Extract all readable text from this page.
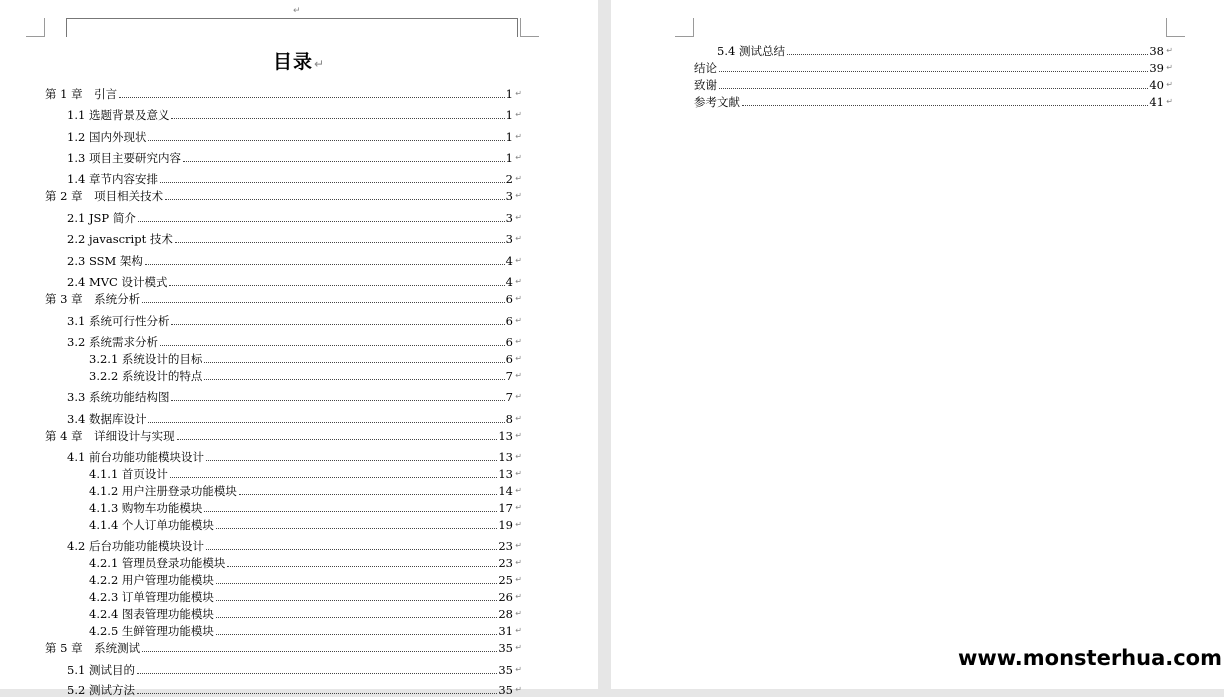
↵
目录↵
第 1 章　引言	1 ↵
1.1 选题背景及意义	1 ↵
1.2 国内外现状	1 ↵
1.3 项目主要研究内容	1 ↵
1.4 章节内容安排	2 ↵
第 2 章　项目相关技术	3 ↵
2.1 JSP 简介	3 ↵
2.2 javascript 技术	3 ↵
2.3 SSM 架构	4 ↵
2.4 MVC 设计模式	4 ↵
第 3 章　系统分析	6 ↵
3.1 系统可行性分析	6 ↵
3.2 系统需求分析	6 ↵
3.2.1 系统设计的目标	6 ↵
3.2.2 系统设计的特点	7 ↵
3.3 系统功能结构图	7 ↵
3.4 数据库设计	8 ↵
第 4 章　详细设计与实现	13 ↵
4.1 前台功能功能模块设计	13 ↵
4.1.1 首页设计	13 ↵
4.1.2 用户注册登录功能模块	14 ↵
4.1.3 购物车功能模块	17 ↵
4.1.4 个人订单功能模块	19 ↵
4.2 后台功能功能模块设计	23 ↵
4.2.1 管理员登录功能模块	23 ↵
4.2.2 用户管理功能模块	25 ↵
4.2.3 订单管理功能模块	26 ↵
4.2.4 图表管理功能模块	28 ↵
4.2.5 生鲜管理功能模块	31 ↵
第 5 章　系统测试	35 ↵
5.1 测试目的	35 ↵
5.2 测试方法	35 ↵
www.monsterhua.com
5.4 测试总结	38 ↵
结论	39 ↵
致谢	40 ↵
参考文献	41 ↵
